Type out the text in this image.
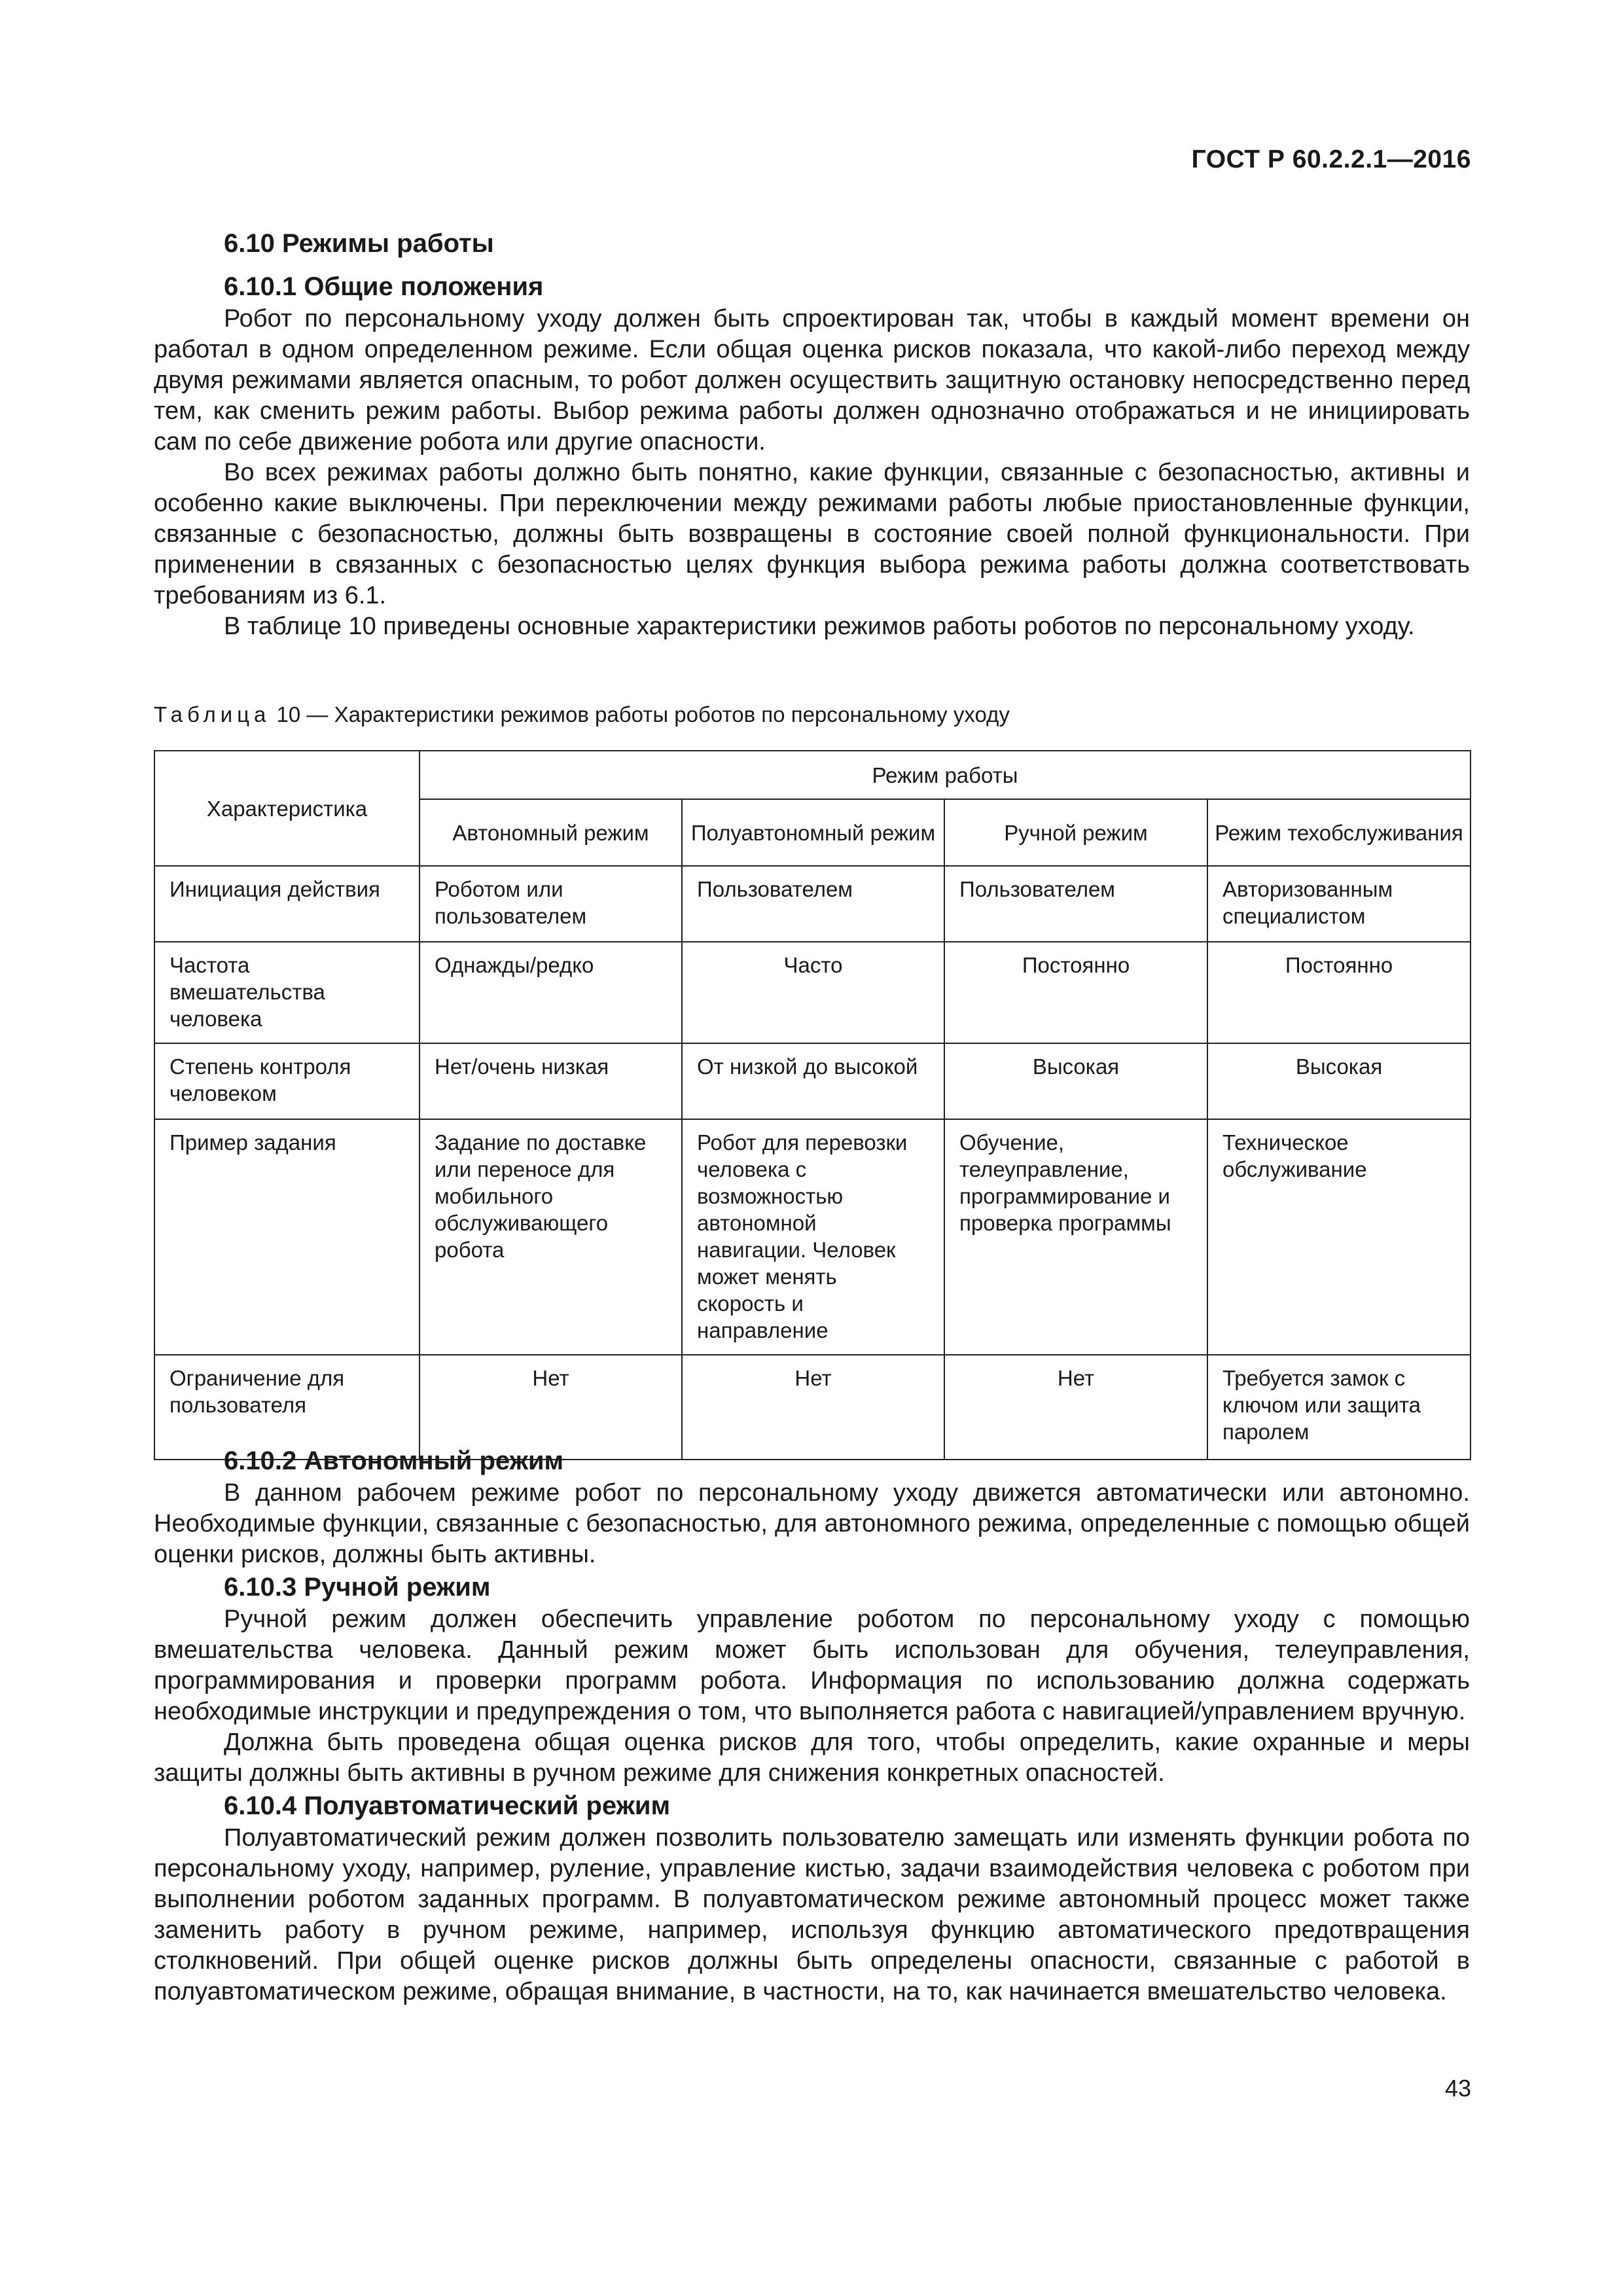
ГОСТ Р 60.2.2.1—2016

6.10 Режимы работы

6.10.1 Общие положения

Робот по персональному уходу должен быть спроектирован так, чтобы в каждый момент времени он работал в одном определенном режиме. Если общая оценка рисков показала, что какой-либо переход между двумя режимами является опасным, то робот должен осуществить защитную остановку непосредственно перед тем, как сменить режим работы. Выбор режима работы должен однозначно отображаться и не инициировать сам по себе движение робота или другие опасности.

Во всех режимах работы должно быть понятно, какие функции, связанные с безопасностью, активны и особенно какие выключены. При переключении между режимами работы любые приостановленные функции, связанные с безопасностью, должны быть возвращены в состояние своей полной функциональности. При применении в связанных с безопасностью целях функция выбора режима работы должна соответствовать требованиям из 6.1.

В таблице 10 приведены основные характеристики режимов работы роботов по персональному уходу.

Таблица 10 — Характеристики режимов работы роботов по персональному уходу

Характеристика	Режим работы			
	Автономный режим	Полуавтономный режим	Ручной режим	Режим техобслуживания
Инициация действия	Роботом или пользователем	Пользователем	Пользователем	Авторизованным специалистом
Частота вмешательства человека	Однажды/редко	Часто	Постоянно	Постоянно
Степень контроля человеком	Нет/очень низкая	От низкой до высокой	Высокая	Высокая
Пример задания	Задание по доставке или переносе для мобильного обслуживающего робота	Робот для перевозки человека с возможностью автономной навигации. Человек может менять скорость и направление	Обучение, телеуправление, программирование и проверка программы	Техническое обслуживание
Ограничение для пользователя	Нет	Нет	Нет	Требуется замок с ключом или защита паролем

6.10.2 Автономный режим

В данном рабочем режиме робот по персональному уходу движется автоматически или автономно. Необходимые функции, связанные с безопасностью, для автономного режима, определенные с помощью общей оценки рисков, должны быть активны.

6.10.3 Ручной режим

Ручной режим должен обеспечить управление роботом по персональному уходу с помощью вмешательства человека. Данный режим может быть использован для обучения, телеуправления, программирования и проверки программ робота. Информация по использованию должна содержать необходимые инструкции и предупреждения о том, что выполняется работа с навигацией/управлением вручную.

Должна быть проведена общая оценка рисков для того, чтобы определить, какие охранные и меры защиты должны быть активны в ручном режиме для снижения конкретных опасностей.

6.10.4 Полуавтоматический режим

Полуавтоматический режим должен позволить пользователю замещать или изменять функции робота по персональному уходу, например, руление, управление кистью, задачи взаимодействия человека с роботом при выполнении роботом заданных программ. В полуавтоматическом режиме автономный процесс может также заменить работу в ручном режиме, например, используя функцию автоматического предотвращения столкновений. При общей оценке рисков должны быть определены опасности, связанные с работой в полуавтоматическом режиме, обращая внимание, в частности, на то, как начинается вмешательство человека.

43
